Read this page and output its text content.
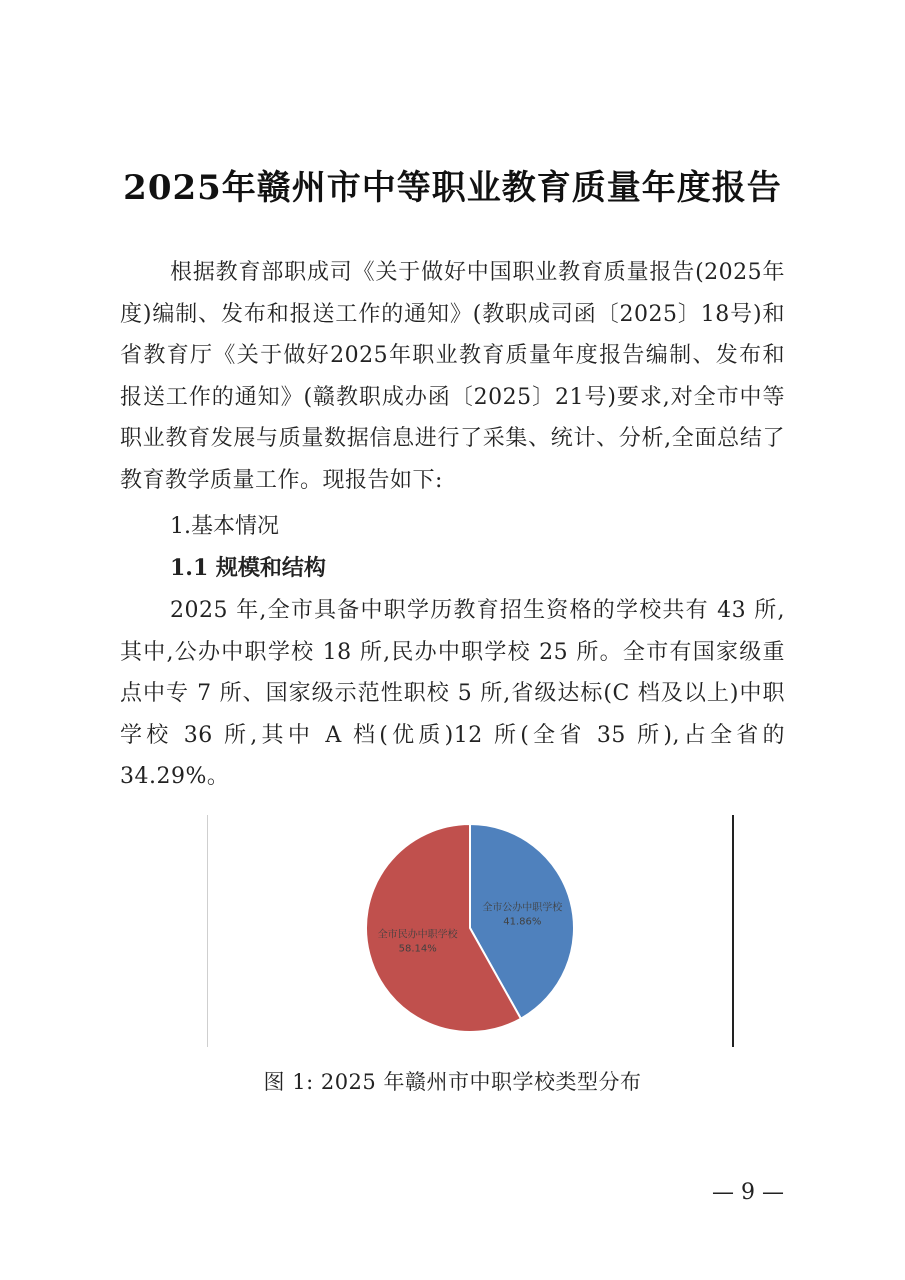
2025年赣州市中等职业教育质量年度报告

根据教育部职成司《关于做好中国职业教育质量报告(2025年度)编制、发布和报送工作的通知》(教职成司函〔2025〕18号)和省教育厅《关于做好2025年职业教育质量年度报告编制、发布和报送工作的通知》(赣教职成办函〔2025〕21号)要求,对全市中等职业教育发展与质量数据信息进行了采集、统计、分析,全面总结了教育教学质量工作。现报告如下:

1.基本情况
1.1 规模和结构

2025 年,全市具备中职学历教育招生资格的学校共有 43 所,其中,公办中职学校 18 所,民办中职学校 25 所。全市有国家级重点中专 7 所、国家级示范性职校 5 所,省级达标(C 档及以上)中职学校 36 所,其中 A 档(优质)12 所(全省 35 所),占全省的 34.29%。

全市公办中职学校
41.86%
全市民办中职学校
58.14%
图 1: 2025 年赣州市中职学校类型分布
— 9 —
